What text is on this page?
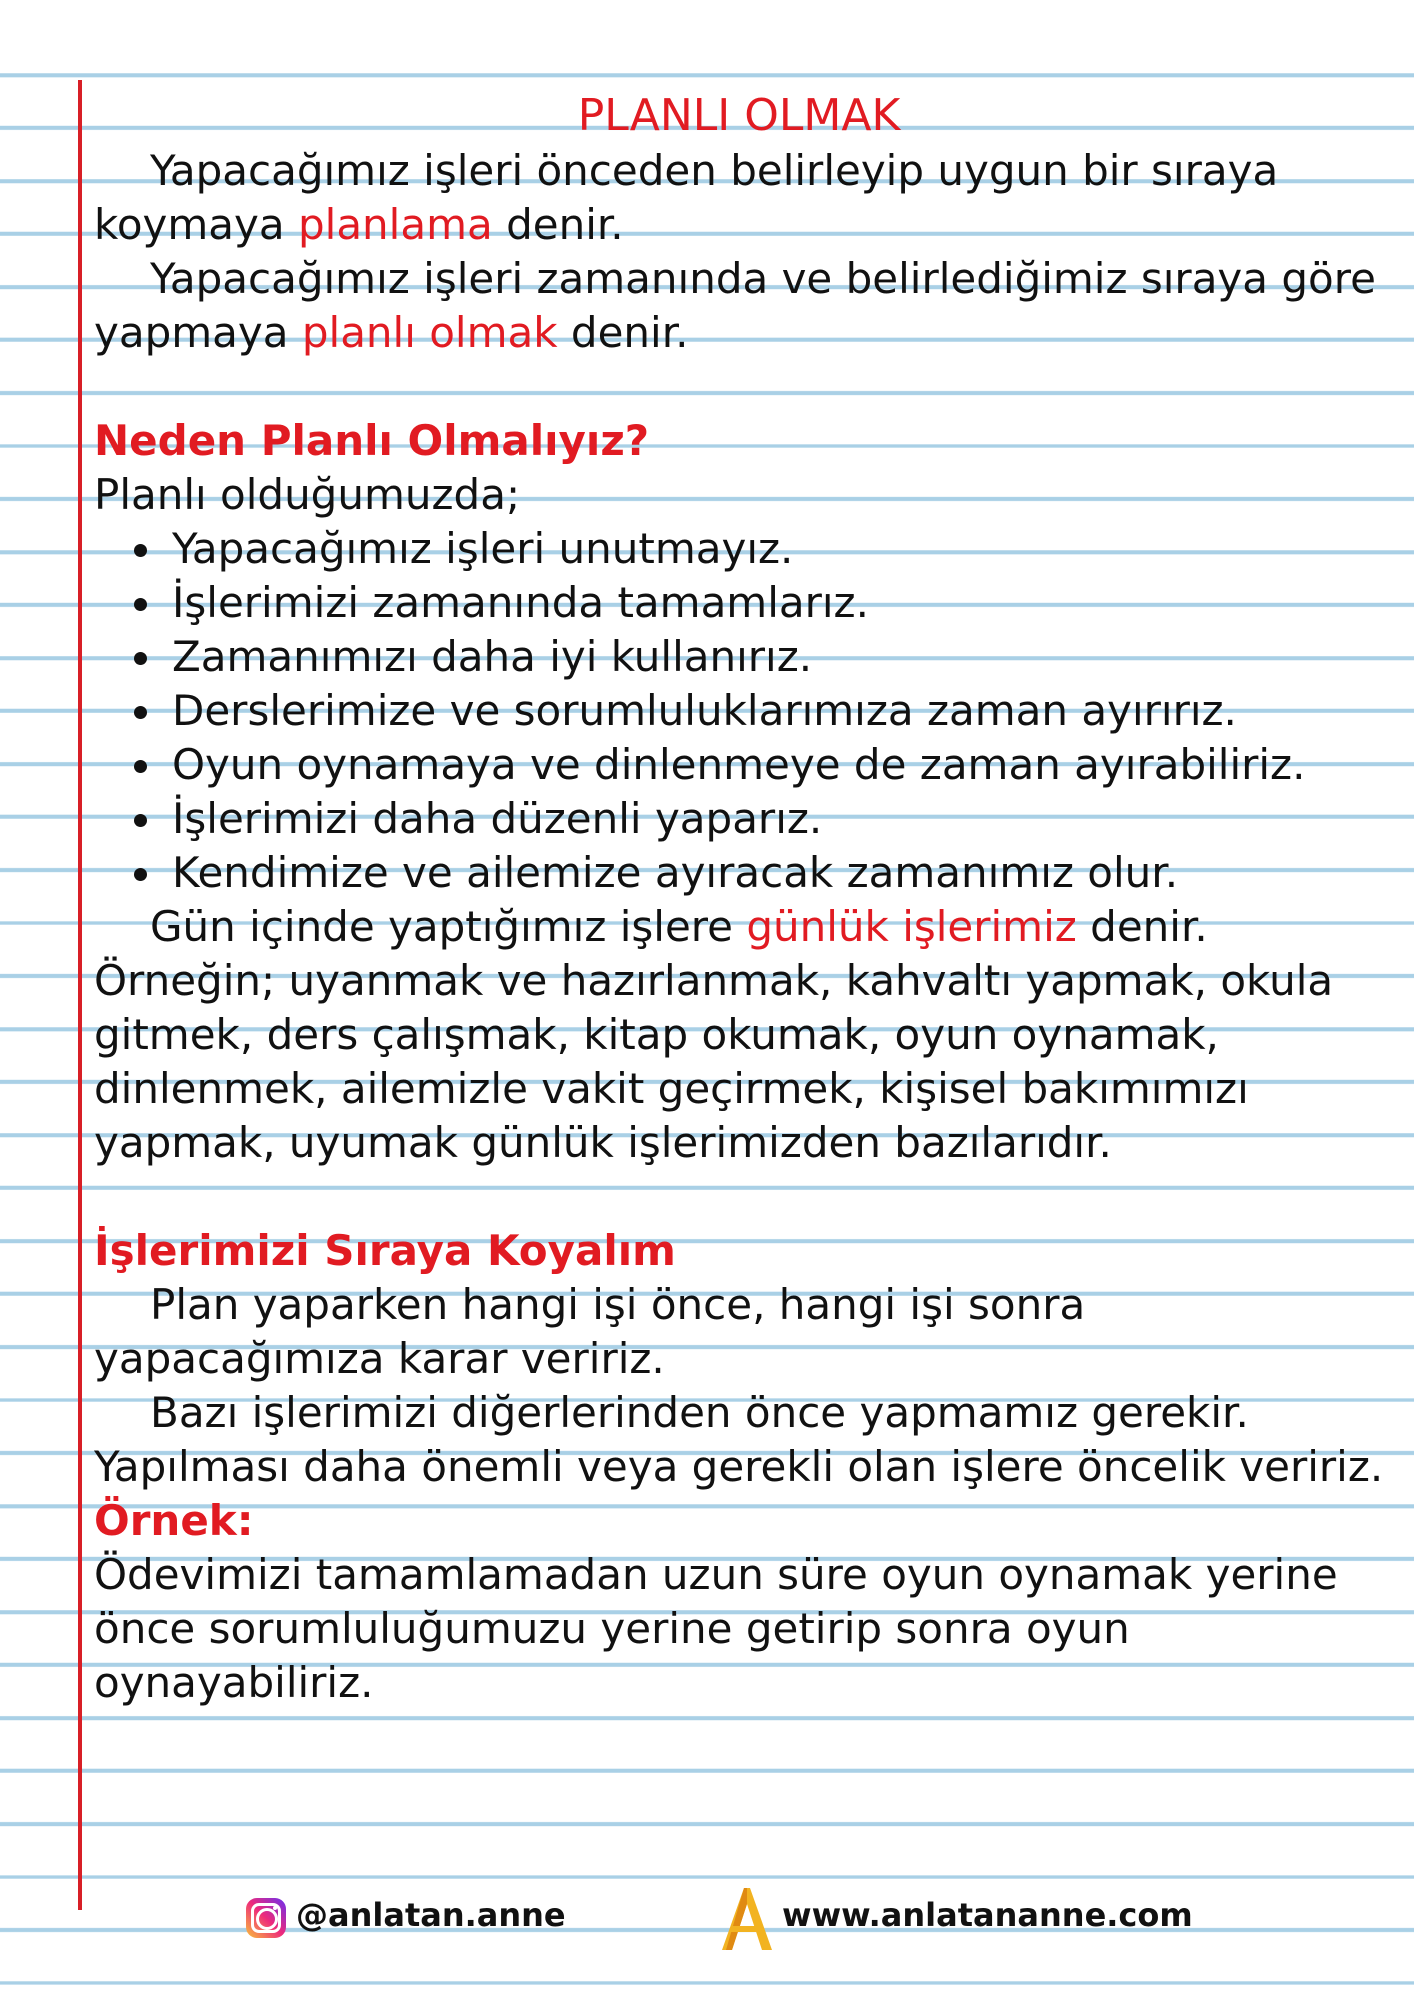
PLANLI OLMAK

Yapacağımız işleri önceden belirleyip uygun bir sıraya koymaya planlama denir.

Yapacağımız işleri zamanında ve belirlediğimiz sıraya göre yapmaya planlı olmak denir.

Neden Planlı Olmalıyız?

Planlı olduğumuzda;

Yapacağımız işleri unutmayız.
İşlerimizi zamanında tamamlarız.
Zamanımızı daha iyi kullanırız.
Derslerimize ve sorumluluklarımıza zaman ayırırız.
Oyun oynamaya ve dinlenmeye de zaman ayırabiliriz.
İşlerimizi daha düzenli yaparız.
Kendimize ve ailemize ayıracak zamanımız olur.

Gün içinde yaptığımız işlere günlük işlerimiz denir.

Örneğin; uyanmak ve hazırlanmak, kahvaltı yapmak, okula gitmek, ders çalışmak, kitap okumak, oyun oynamak, dinlenmek, ailemizle vakit geçirmek, kişisel bakımımızı yapmak, uyumak günlük işlerimizden bazılarıdır.

İşlerimizi Sıraya Koyalım

Plan yaparken hangi işi önce, hangi işi sonra yapacağımıza karar veririz.

Bazı işlerimizi diğerlerinden önce yapmamız gerekir. Yapılması daha önemli veya gerekli olan işlere öncelik veririz.

Örnek:

Ödevimizi tamamlamadan uzun süre oyun oynamak yerine önce sorumluluğumuzu yerine getirip sonra oyun oynayabiliriz.

@anlatan.anne	www.anlatananne.com
